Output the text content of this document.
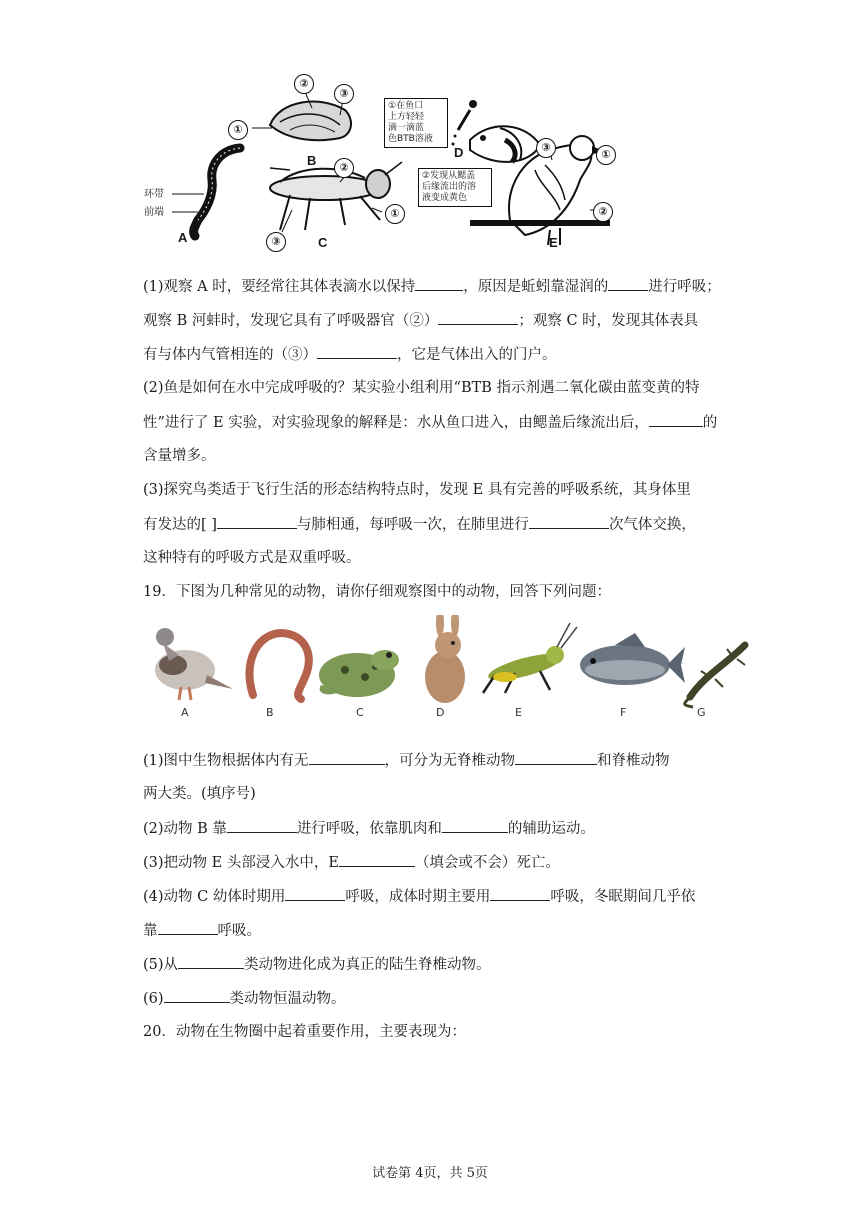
A
B
C
D
E
环带
前端
①
②
③
②
①
③
③
①
②
①在鱼口
上方轻轻
滴一滴蓝
色BTB溶液
②发现从鳃盖
后缘流出的溶
液变成黄色
(1)观察 A 时，要经常往其体表滴水以保持	，原因是蚯蚓靠湿润的	进行呼吸；
观察 B 河蚌时，发现它具有了呼吸器官（②）	；观察 C 时，发现其体表具
有与体内气管相连的（③）	，它是气体出入的门户。
(2)鱼是如何在水中完成呼吸的？某实验小组利用“BTB 指示剂遇二氧化碳由蓝变黄的特
性”进行了 E 实验，对实验现象的解释是：水从鱼口进入，由鳃盖后缘流出后，	的
含量增多。
(3)探究鸟类适于飞行生活的形态结构特点时，发现 E 具有完善的呼吸系统，其身体里
有发达的[ ]	与肺相通，每呼吸一次，在肺里进行	次气体交换，
这种特有的呼吸方式是双重呼吸。
19．下图为几种常见的动物，请你仔细观察图中的动物，回答下列问题：
A	B	C	D	E	F	G
(1)图中生物根据体内有无	，可分为无脊椎动物	和脊椎动物
两大类。(填序号)
(2)动物 B 靠	进行呼吸，依靠肌肉和	的辅助运动。
(3)把动物 E 头部浸入水中，E	（填会或不会）死亡。
(4)动物 C 幼体时期用	呼吸，成体时期主要用	呼吸，冬眠期间几乎依
靠	呼吸。
(5)从	类动物进化成为真正的陆生脊椎动物。
(6)	类动物恒温动物。
20．动物在生物圈中起着重要作用，主要表现为：
试卷第 4页，共 5页
